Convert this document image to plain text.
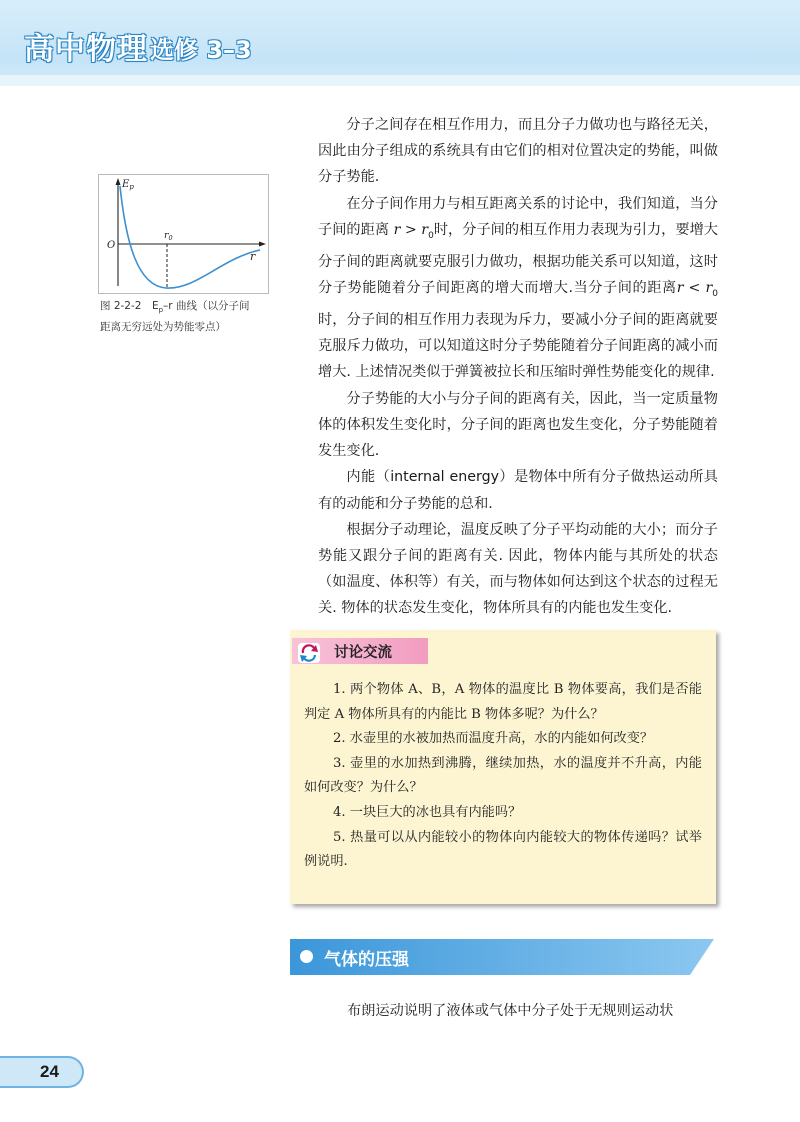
高中物理 选修 3–3
$E_p$
O
$r_0$
r
图 2-2-2　$E_p-r$ 曲线（以分子间
距离无穷远处为势能零点）

分子之间存在相互作用力，而且分子力做功也与路径无关，因此由分子组成的系统具有由它们的相对位置决定的势能，叫做分子势能.

在分子间作用力与相互距离关系的讨论中，我们知道，当分子间的距离 $r > r_0$时，分子间的相互作用力表现为引力，要增大分子间的距离就要克服引力做功，根据功能关系可以知道，这时分子势能随着分子间距离的增大而增大.当分子间的距离$r < r_0$时，分子间的相互作用力表现为斥力，要减小分子间的距离就要克服斥力做功，可以知道这时分子势能随着分子间距离的减小而增大. 上述情况类似于弹簧被拉长和压缩时弹性势能变化的规律.

分子势能的大小与分子间的距离有关，因此，当一定质量物体的体积发生变化时，分子间的距离也发生变化，分子势能随着发生变化.

内能（internal energy）是物体中所有分子做热运动所具有的动能和分子势能的总和.

根据分子动理论，温度反映了分子平均动能的大小；而分子势能又跟分子间的距离有关. 因此，物体内能与其所处的状态（如温度、体积等）有关，而与物体如何达到这个状态的过程无关. 物体的状态发生变化，物体所具有的内能也发生变化.

讨论交流

1. 两个物体 A、B，A 物体的温度比 B 物体要高，我们是否能判定 A 物体所具有的内能比 B 物体多呢？为什么？

2. 水壶里的水被加热而温度升高，水的内能如何改变？

3. 壶里的水加热到沸腾，继续加热，水的温度并不升高，内能如何改变？为什么？

4. 一块巨大的冰也具有内能吗？

5. 热量可以从内能较小的物体向内能较大的物体传递吗？试举例说明.

气体的压强
布朗运动说明了液体或气体中分子处于无规则运动状
24
